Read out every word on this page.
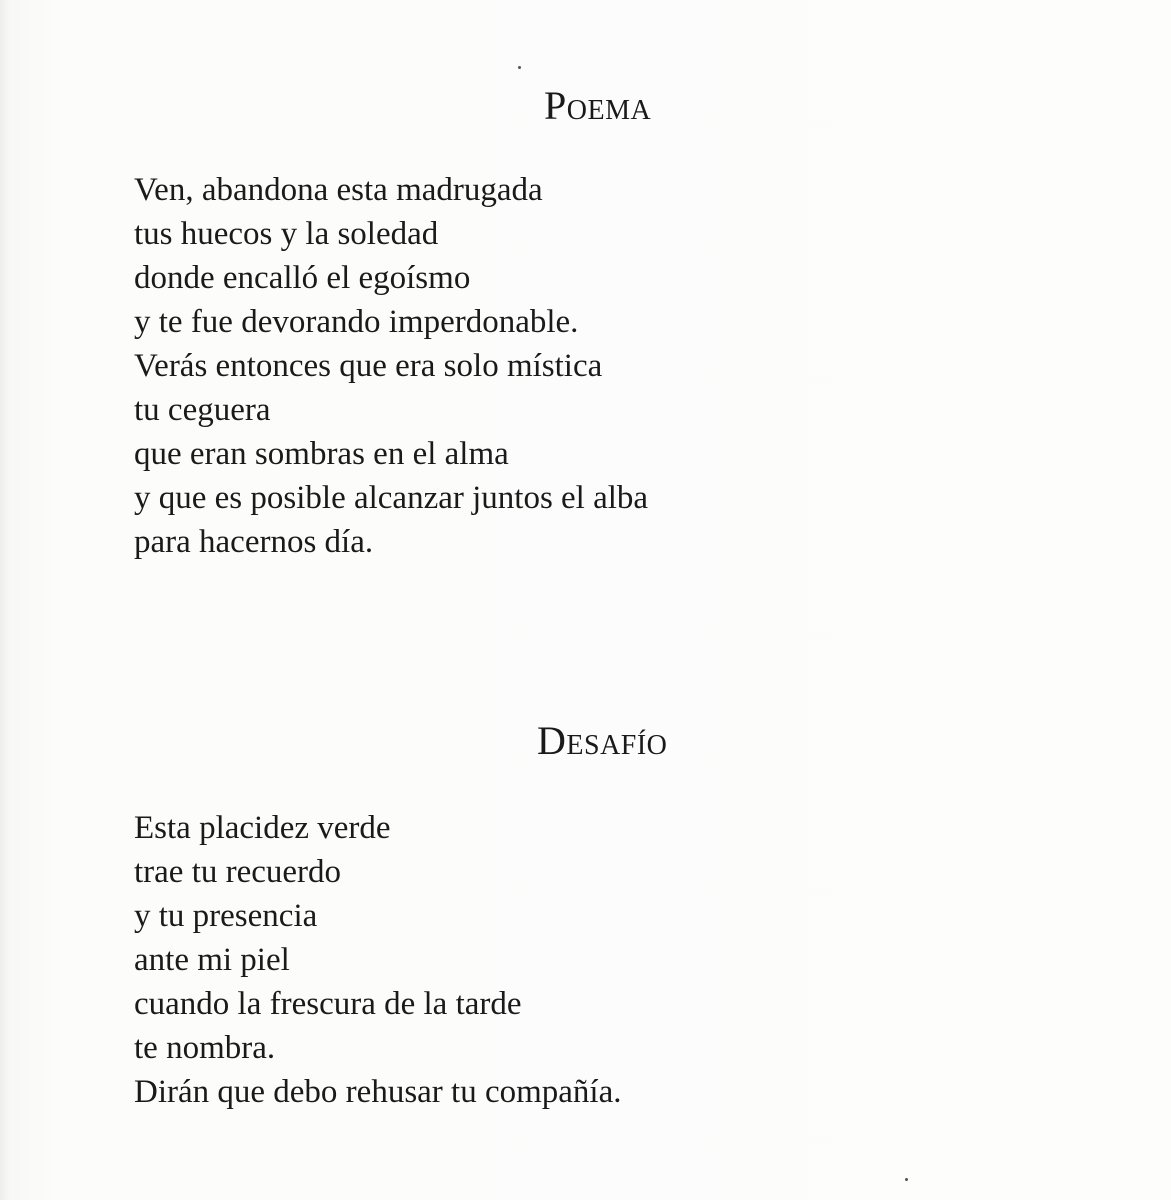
Poema
Ven, abandona esta madrugada
tus huecos y la soledad
donde encalló el egoísmo
y te fue devorando imperdonable.
Verás entonces que era solo mística
tu ceguera
que eran sombras en el alma
y que es posible alcanzar juntos el alba
para hacernos día.
Desafío
Esta placidez verde
trae tu recuerdo
y tu presencia
ante mi piel
cuando la frescura de la tarde
te nombra.
Dirán que debo rehusar tu compañía.
